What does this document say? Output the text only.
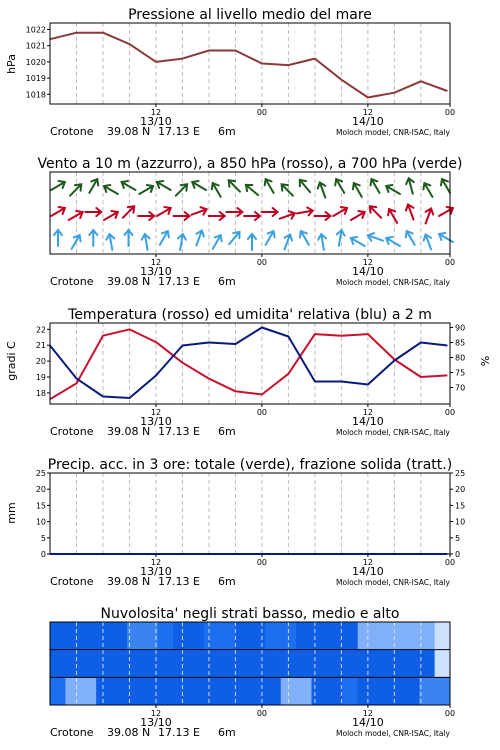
Pressione al livello medio del mare
hPa
1018
1019
1020
1021
1022
12	00	12	00
13/10	14/10
Crotone 39.08 N 17.13 E 6m	Moloch model, CNR-ISAC, Italy
Vento a 10 m (azzurro), a 850 hPa (rosso), a 700 hPa (verde)
12	00	12	00
13/10	14/10
Crotone 39.08 N 17.13 E 6m	Moloch model, CNR-ISAC, Italy
Temperatura (rosso) ed umidita' relativa (blu) a 2 m
gradi C	%
18
19
20
21
22
70
75
80
85
90
12	00	12	00
13/10	14/10
Crotone 39.08 N 17.13 E 6m	Moloch model, CNR-ISAC, Italy
Precip. acc. in 3 ore: totale (verde), frazione solida (tratt.)
mm
0
5
10
15
20
25
0
5
10
15
20
25
12	00	12	00
13/10	14/10
Crotone 39.08 N 17.13 E 6m	Moloch model, CNR-ISAC, Italy
Nuvolosita' negli strati basso, medio e alto
12	00	12	00
13/10	14/10
Crotone 39.08 N 17.13 E 6m	Moloch model, CNR-ISAC, Italy
